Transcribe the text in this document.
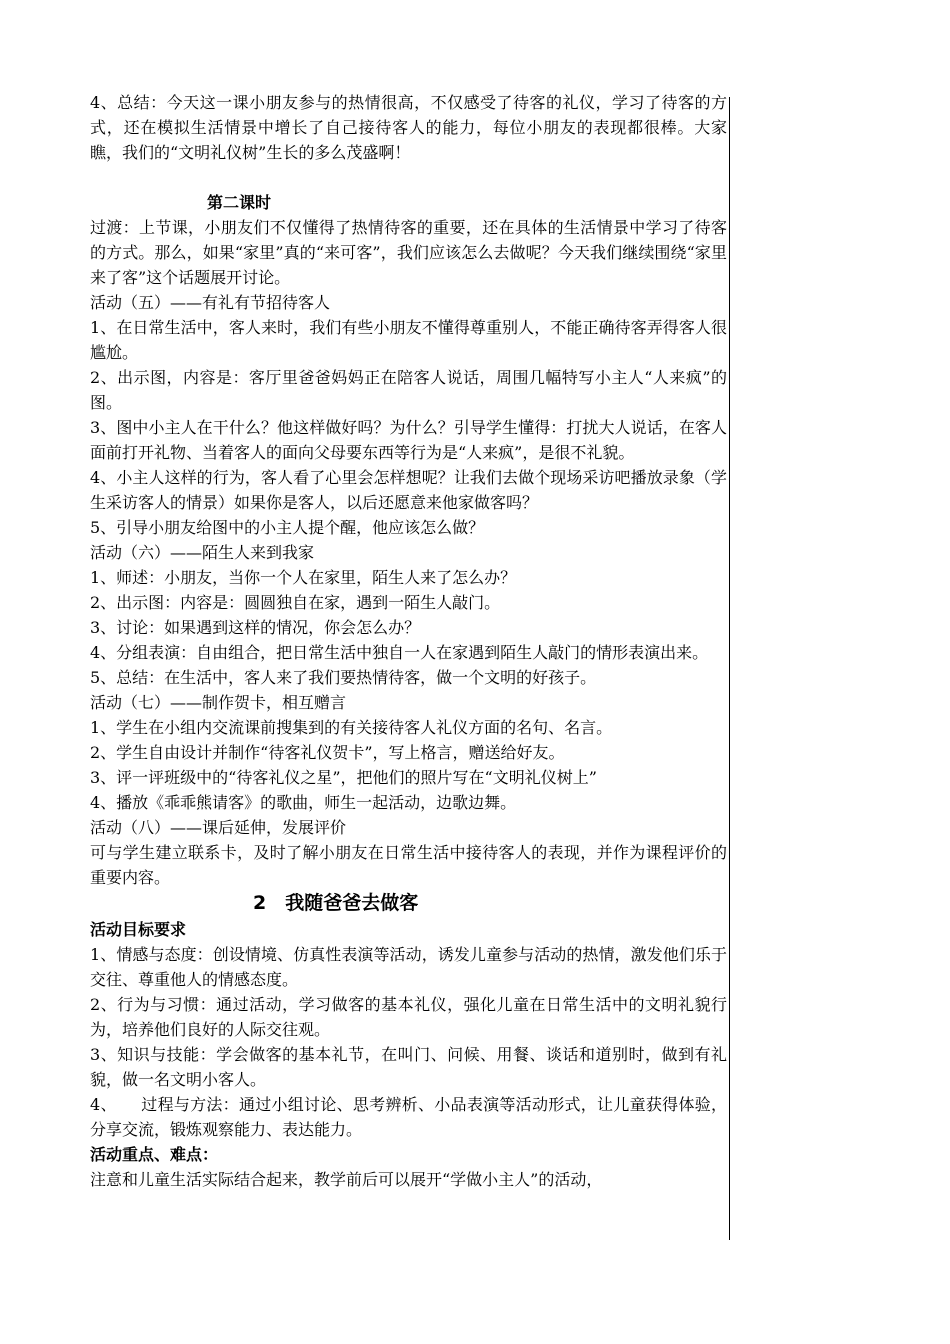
4、总结：今天这一课小朋友参与的热情很高，不仅感受了待客的礼仪，学习了待客的方式，还在模拟生活情景中增长了自己接待客人的能力，每位小朋友的表现都很棒。大家瞧，我们的“文明礼仪树”生长的多么茂盛啊！

第二课时

过渡：上节课，小朋友们不仅懂得了热情待客的重要，还在具体的生活情景中学习了待客的方式。那么，如果“家里”真的“来可客”，我们应该怎么去做呢？今天我们继续围绕“家里来了客”这个话题展开讨论。

活动（五）——有礼有节招待客人

1、在日常生活中，客人来时，我们有些小朋友不懂得尊重别人，不能正确待客弄得客人很尴尬。

2、出示图，内容是：客厅里爸爸妈妈正在陪客人说话，周围几幅特写小主人“人来疯”的图。

3、图中小主人在干什么？他这样做好吗？为什么？引导学生懂得：打扰大人说话，在客人面前打开礼物、当着客人的面向父母要东西等行为是“人来疯”，是很不礼貌。

4、小主人这样的行为，客人看了心里会怎样想呢？让我们去做个现场采访吧播放录象（学生采访客人的情景）如果你是客人，以后还愿意来他家做客吗？

5、引导小朋友给图中的小主人提个醒，他应该怎么做？

活动（六）——陌生人来到我家

1、师述：小朋友，当你一个人在家里，陌生人来了怎么办？

2、出示图：内容是：圆圆独自在家，遇到一陌生人敲门。

3、讨论：如果遇到这样的情况，你会怎么办？

4、分组表演：自由组合，把日常生活中独自一人在家遇到陌生人敲门的情形表演出来。

5、总结：在生活中，客人来了我们要热情待客，做一个文明的好孩子。

活动（七）——制作贺卡，相互赠言

1、学生在小组内交流课前搜集到的有关接待客人礼仪方面的名句、名言。

2、学生自由设计并制作“待客礼仪贺卡”，写上格言，赠送给好友。

3、评一评班级中的“待客礼仪之星”，把他们的照片写在“文明礼仪树上”

4、播放《乖乖熊请客》的歌曲，师生一起活动，边歌边舞。

活动（八）——课后延伸，发展评价

可与学生建立联系卡，及时了解小朋友在日常生活中接待客人的表现，并作为课程评价的重要内容。

2　我随爸爸去做客

活动目标要求

1、情感与态度：创设情境、仿真性表演等活动，诱发儿童参与活动的热情，激发他们乐于交往、尊重他人的情感态度。

2、行为与习惯：通过活动，学习做客的基本礼仪，强化儿童在日常生活中的文明礼貌行为，培养他们良好的人际交往观。

3、知识与技能：学会做客的基本礼节，在叫门、问候、用餐、谈话和道别时，做到有礼貌，做一名文明小客人。

4、　　过程与方法：通过小组讨论、思考辨析、小品表演等活动形式，让儿童获得体验，分享交流，锻炼观察能力、表达能力。

活动重点、难点：

注意和儿童生活实际结合起来，教学前后可以展开“学做小主人”的活动，
